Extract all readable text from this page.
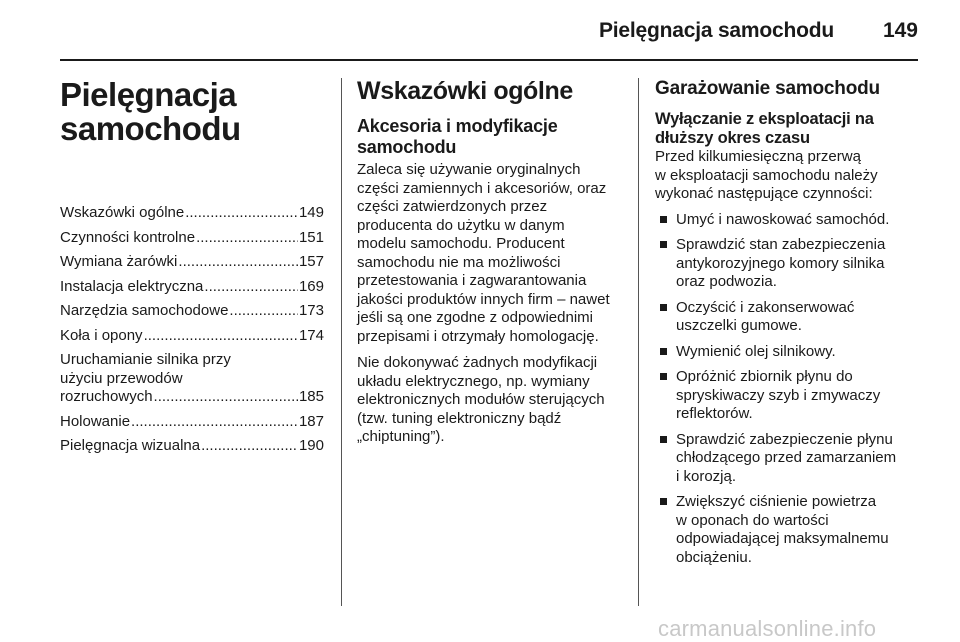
Pielęgnacja samochodu 149
Pielęgnacja
samochodu
Wskazówki ogólne .....	149
Czynności kontrolne .....	151
Wymiana żarówki .....	157
Instalacja elektryczna .....	169
Narzędzia samochodowe .....	173
Koła i opony .....	174
Uruchamianie silnika przy
użyciu przewodów
rozruchowych .....	185
Holowanie .....	187
Pielęgnacja wizualna .....	190
Wskazówki ogólne
Akcesoria i modyfikacje
samochodu

Zaleca się używanie oryginalnych
części zamiennych i akcesoriów, oraz
części zatwierdzonych przez
producenta do użytku w danym
modelu samochodu. Producent
samochodu nie ma możliwości
przetestowania i zagwarantowania
jakości produktów innych firm – nawet
jeśli są one zgodne z odpowiednimi
przepisami i otrzymały homologację.

Nie dokonywać żadnych modyfikacji
układu elektrycznego, np. wymiany
elektronicznych modułów sterujących
(tzw. tuning elektroniczny bądź
„chiptuning”).

Garażowanie samochodu
Wyłączanie z eksploatacji na
dłuższy okres czasu

Przed kilkumiesięczną przerwą
w eksploatacji samochodu należy
wykonać następujące czynności:

Umyć i nawoskować samochód.
Sprawdzić stan zabezpieczenia
antykorozyjnego komory silnika
oraz podwozia.
Oczyścić i zakonserwować
uszczelki gumowe.
Wymienić olej silnikowy.
Opróżnić zbiornik płynu do
spryskiwaczy szyb i zmywaczy
reflektorów.
Sprawdzić zabezpieczenie płynu
chłodzącego przed zamarzaniem
i korozją.
Zwiększyć ciśnienie powietrza
w oponach do wartości
odpowiadającej maksymalnemu
obciążeniu.
carmanualsonline.info
